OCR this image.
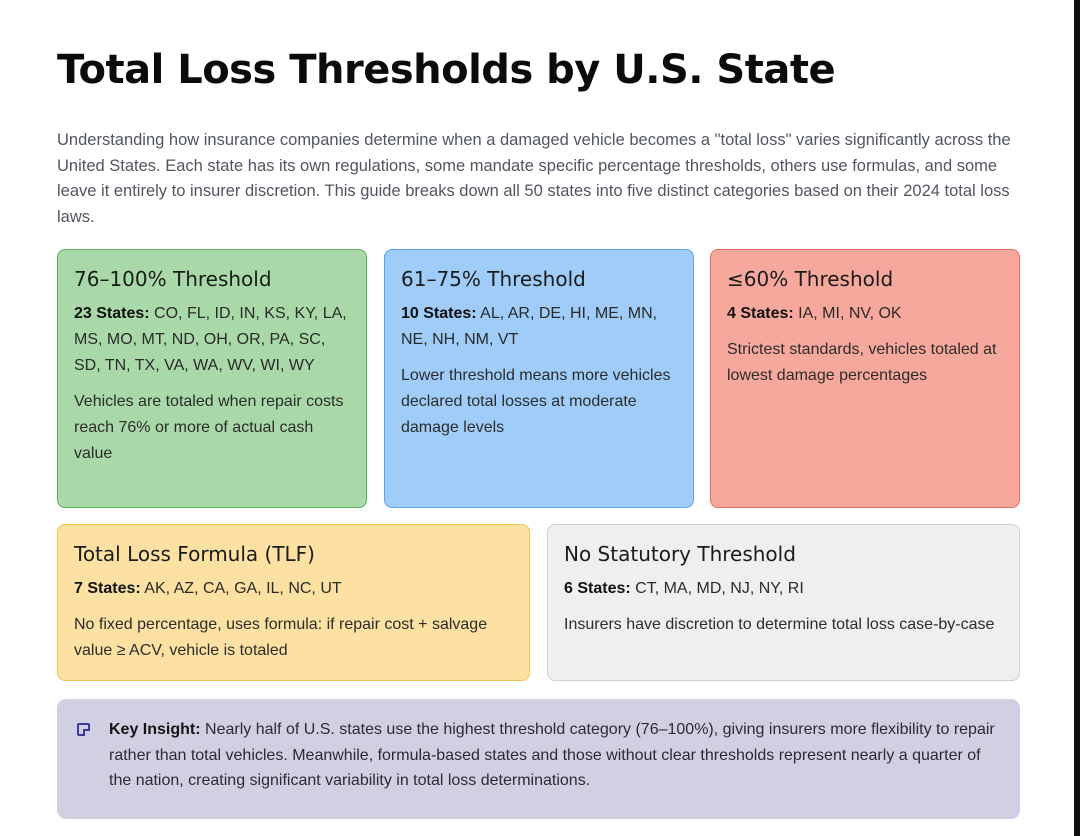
Total Loss Thresholds by U.S. State

Understanding how insurance companies determine when a damaged vehicle becomes a "total loss" varies significantly across the United States. Each state has its own regulations, some mandate specific percentage thresholds, others use formulas, and some leave it entirely to insurer discretion. This guide breaks down all 50 states into five distinct categories based on their 2024 total loss laws.

76–100% Threshold

23 States: CO, FL, ID, IN, KS, KY, LA, MS, MO, MT, ND, OH, OR, PA, SC, SD, TN, TX, VA, WA, WV, WI, WY

Vehicles are totaled when repair costs reach 76% or more of actual cash value

61–75% Threshold

10 States: AL, AR, DE, HI, ME, MN, NE, NH, NM, VT

Lower threshold means more vehicles declared total losses at moderate damage levels

≤60% Threshold

4 States: IA, MI, NV, OK

Strictest standards, vehicles totaled at lowest damage percentages

Total Loss Formula (TLF)

7 States: AK, AZ, CA, GA, IL, NC, UT

No fixed percentage, uses formula: if repair cost + salvage value ≥ ACV, vehicle is totaled

No Statutory Threshold

6 States: CT, MA, MD, NJ, NY, RI

Insurers have discretion to determine total loss case-by-case

Key Insight: Nearly half of U.S. states use the highest threshold category (76–100%), giving insurers more flexibility to repair rather than total vehicles. Meanwhile, formula-based states and those without clear thresholds represent nearly a quarter of the nation, creating significant variability in total loss determinations.
